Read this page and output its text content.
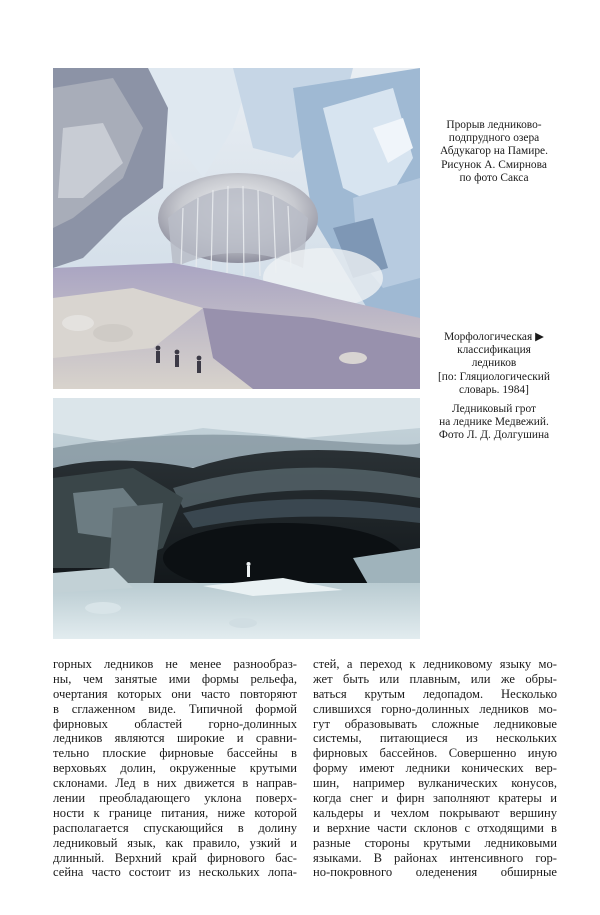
Прорыв ледниково-
подпрудного озера
Абдукагор на Памире.
Рисунок А. Смирнова
по фото Сакса
Морфологическая ▶
классификация
ледников
[по: Гляциологический
словарь. 1984]
Ледниковый грот
на леднике Медвежий.
Фото Л. Д. Долгушина
горных ледников не менее разнообраз-
ны, чем занятые ими формы рельефа,
очертания которых они часто повторяют
в сглаженном виде. Типичной формой
фирновых областей горно-долинных
ледников являются широкие и сравни-
тельно плоские фирновые бассейны в
верховьях долин, окруженные крутыми
склонами. Лед в них движется в направ-
лении преобладающего уклона поверх-
ности к границе питания, ниже которой
располагается спускающийся в долину
ледниковый язык, как правило, узкий и
длинный. Верхний край фирнового бас-
сейна часто состоит из нескольких лопа-
стей, а переход к ледниковому языку мо-
жет быть или плавным, или же обры-
ваться крутым ледопадом. Несколько
слившихся горно-долинных ледников мо-
гут образовывать сложные ледниковые
системы, питающиеся из нескольких
фирновых бассейнов. Совершенно иную
форму имеют ледники конических вер-
шин, например вулканических конусов,
когда снег и фирн заполняют кратеры и
кальдеры и чехлом покрывают вершину
и верхние части склонов с отходящими в
разные стороны крутыми ледниковыми
языками. В районах интенсивного гор-
но-покровного оледенения обширные
